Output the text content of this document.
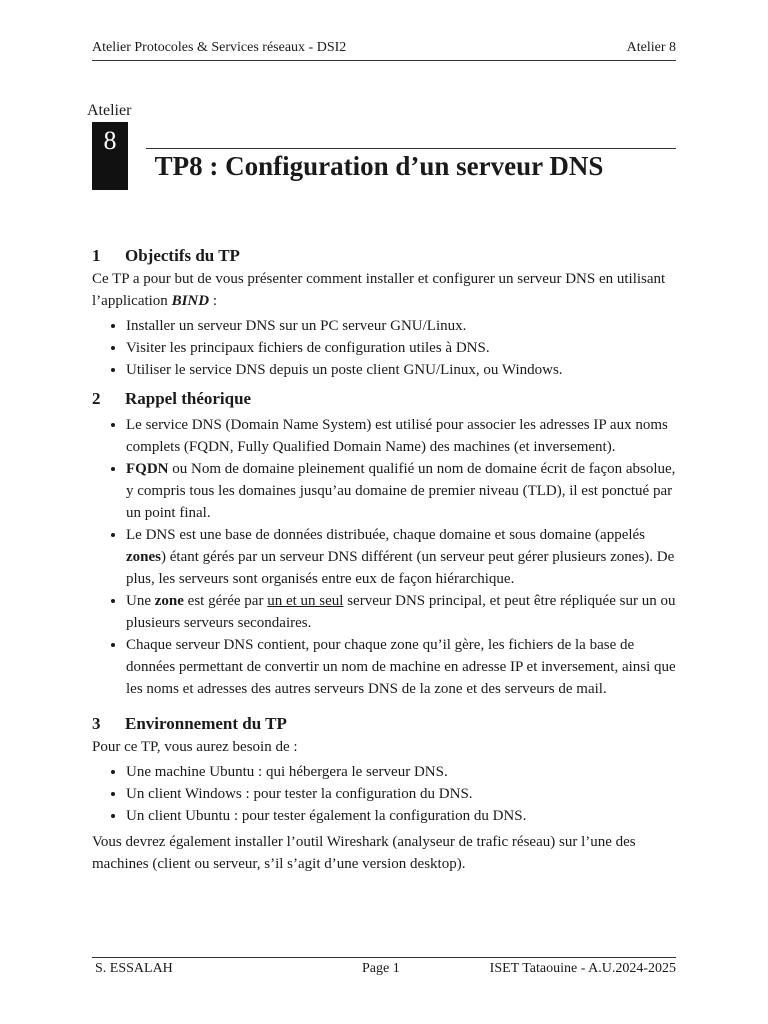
Atelier Protocoles & Services réseaux - DSI2	Atelier 8
Atelier
8
TP8 : Configuration d’un serveur DNS
1 Objectifs du TP

Ce TP a pour but de vous présenter comment installer et configurer un serveur DNS en utilisant l’application BIND :

• Installer un serveur DNS sur un PC serveur GNU/Linux.
• Visiter les principaux fichiers de configuration utiles à DNS.
• Utiliser le service DNS depuis un poste client GNU/Linux, ou Windows.
2 Rappel théorique
• Le service DNS (Domain Name System) est utilisé pour associer les adresses IP aux noms complets (FQDN, Fully Qualified Domain Name) des machines (et inversement).
• FQDN ou Nom de domaine pleinement qualifié un nom de domaine écrit de façon absolue, y compris tous les domaines jusqu’au domaine de premier niveau (TLD), il est ponctué par un point final.
• Le DNS est une base de données distribuée, chaque domaine et sous domaine (appelés zones) étant gérés par un serveur DNS différent (un serveur peut gérer plusieurs zones). De plus, les serveurs sont organisés entre eux de façon hiérarchique.
• Une zone est gérée par un et un seul serveur DNS principal, et peut être répliquée sur un ou plusieurs serveurs secondaires.
• Chaque serveur DNS contient, pour chaque zone qu’il gère, les fichiers de la base de données permettant de convertir un nom de machine en adresse IP et inversement, ainsi que les noms et adresses des autres serveurs DNS de la zone et des serveurs de mail.
3 Environnement du TP

Pour ce TP, vous aurez besoin de :

• Une machine Ubuntu : qui hébergera le serveur DNS.
• Un client Windows : pour tester la configuration du DNS.
• Un client Ubuntu : pour tester également la configuration du DNS.

Vous devrez également installer l’outil Wireshark (analyseur de trafic réseau) sur l’une des machines (client ou serveur, s’il s’agit d’une version desktop).

S. ESSALAH	Page 1	ISET Tataouine - A.U.2024-2025
